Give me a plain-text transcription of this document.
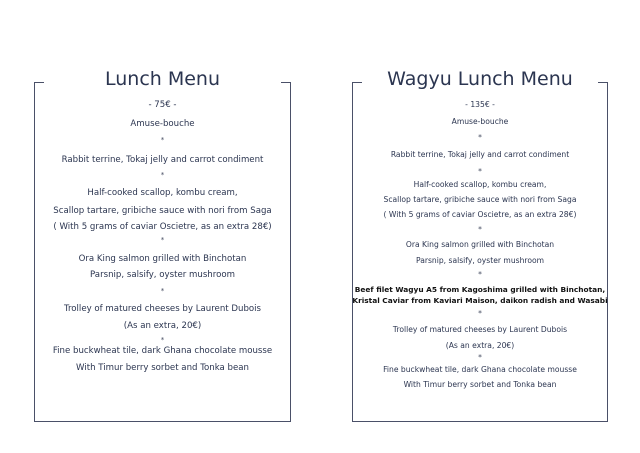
Lunch Menu
- 75€ -
Amuse-bouche
*
Rabbit terrine, Tokaj jelly and carrot condiment
*
Half-cooked scallop, kombu cream,
Scallop tartare, gribiche sauce with nori from Saga
( With 5 grams of caviar Oscietre, as an extra 28€)
*
Ora King salmon grilled with Binchotan
Parsnip, salsify, oyster mushroom
*
Trolley of matured cheeses by Laurent Dubois
(As an extra, 20€)
*
Fine buckwheat tile, dark Ghana chocolate mousse
With Timur berry sorbet and Tonka bean
Wagyu Lunch Menu
- 135€ -
Amuse-bouche
*
Rabbit terrine, Tokaj jelly and carrot condiment
*
Half-cooked scallop, kombu cream,
Scallop tartare, gribiche sauce with nori from Saga
( With 5 grams of caviar Oscietre, as an extra 28€)
*
Ora King salmon grilled with Binchotan
Parsnip, salsify, oyster mushroom
*
Beef filet Wagyu A5 from Kagoshima grilled with Binchotan,
Kristal Caviar from Kaviari Maison, daikon radish and Wasabi
*
Trolley of matured cheeses by Laurent Dubois
(As an extra, 20€)
*
Fine buckwheat tile, dark Ghana chocolate mousse
With Timur berry sorbet and Tonka bean
